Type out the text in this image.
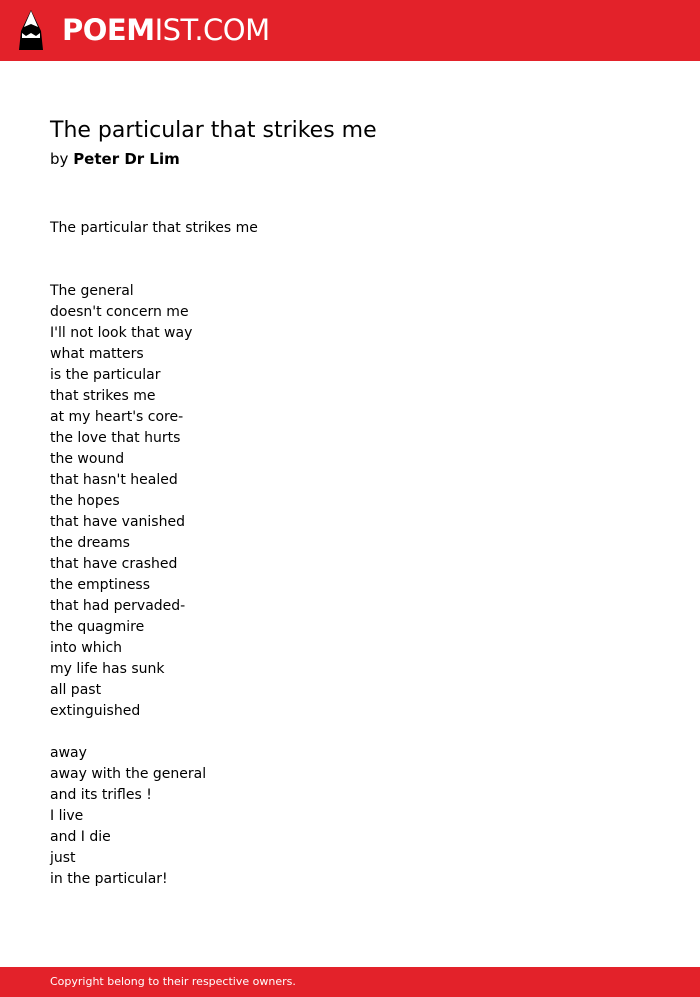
POEMIST.COM
The particular that strikes me
by Peter Dr Lim
The particular that strikes me
The general
doesn't concern me
I'll not look that way
what matters
is the particular
that strikes me
at my heart's core-
the love that hurts
the wound
that hasn't healed
the hopes
that have vanished
the dreams
that have crashed
the emptiness
that had pervaded-
the quagmire
into which
my life has sunk
all past
extinguished
away
away with the general
and its trifles !
I live
and I die
just
in the particular!
Copyright belong to their respective owners.
